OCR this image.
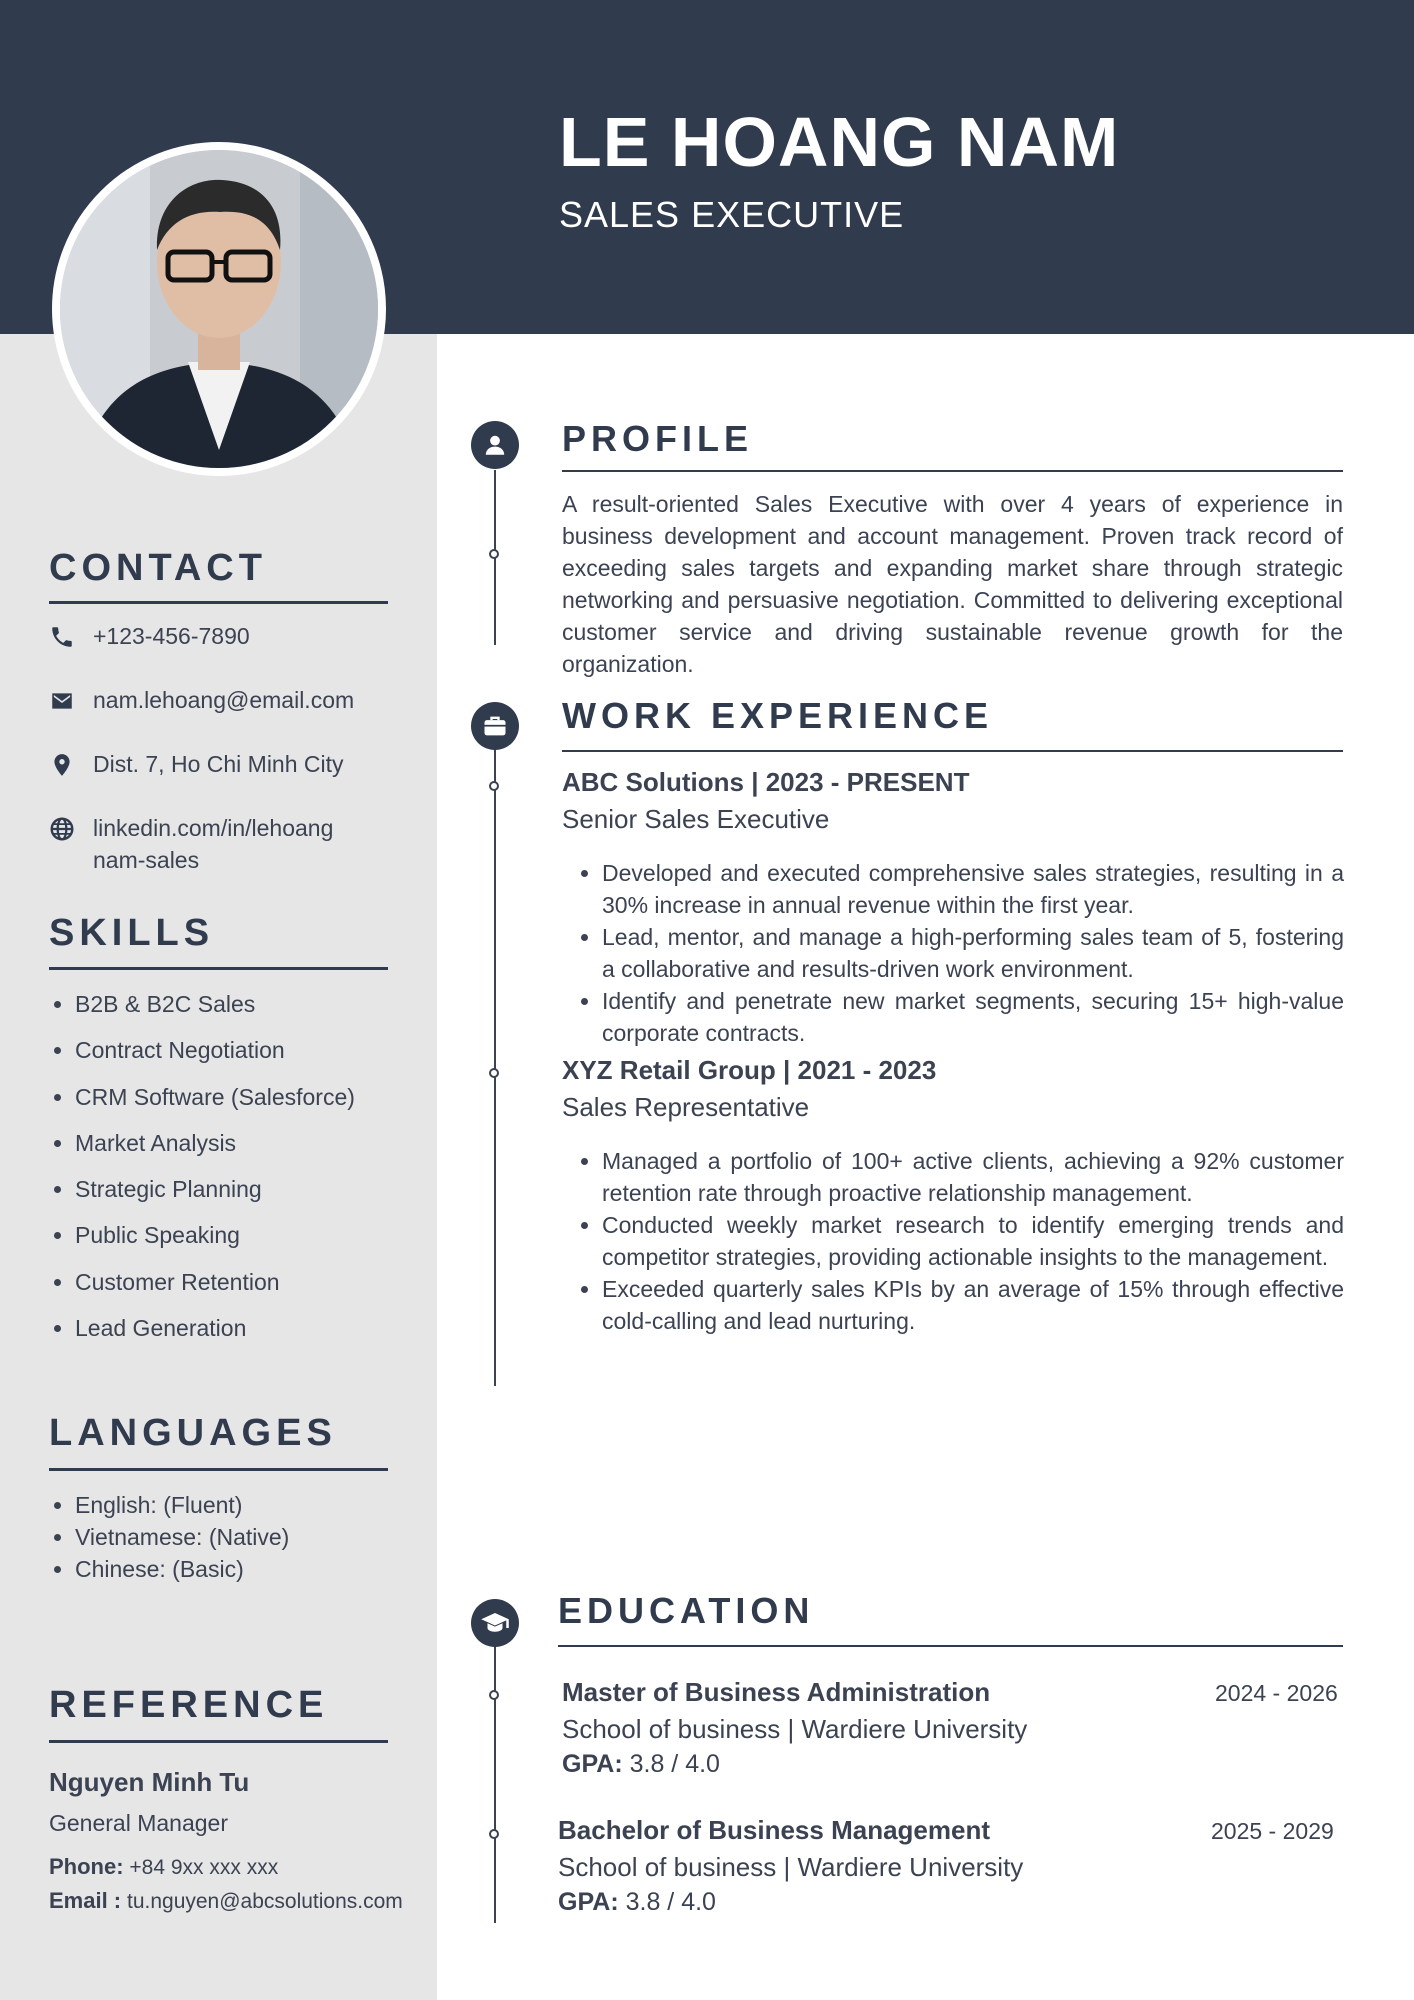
LE HOANG NAM
SALES EXECUTIVE
CONTACT
+123-456-7890
nam.lehoang@email.com
Dist. 7, Ho Chi Minh City
linkedin.com/in/lehoangnam-sales
SKILLS
• B2B & B2C Sales
• Contract Negotiation
• CRM Software (Salesforce)
• Market Analysis
• Strategic Planning
• Public Speaking
• Customer Retention
• Lead Generation
LANGUAGES
• English: (Fluent)
• Vietnamese: (Native)
• Chinese: (Basic)
REFERENCE
Nguyen Minh Tu
General Manager
Phone: +84 9xx xxx xxx
Email : tu.nguyen@abcsolutions.com
PROFILE
A result-oriented Sales Executive with over 4 years of experience in business development and account management. Proven track record of exceeding sales targets and expanding market share through strategic networking and persuasive negotiation. Committed to delivering exceptional customer service and driving sustainable revenue growth for the organization.
WORK EXPERIENCE
ABC Solutions | 2023 - PRESENT
Senior Sales Executive
• Developed and executed comprehensive sales strategies, resulting in a 30% increase in annual revenue within the first year.
• Lead, mentor, and manage a high-performing sales team of 5, fostering a collaborative and results-driven work environment.
• Identify and penetrate new market segments, securing 15+ high-value corporate contracts.
XYZ Retail Group | 2021 - 2023
Sales Representative
• Managed a portfolio of 100+ active clients, achieving a 92% customer retention rate through proactive relationship management.
• Conducted weekly market research to identify emerging trends and competitor strategies, providing actionable insights to the management.
• Exceeded quarterly sales KPIs by an average of 15% through effective cold-calling and lead nurturing.
EDUCATION
Master of Business Administration	2024 - 2026
School of business | Wardiere University
GPA: 3.8 / 4.0
Bachelor of Business Management	2025 - 2029
School of business | Wardiere University
GPA: 3.8 / 4.0
